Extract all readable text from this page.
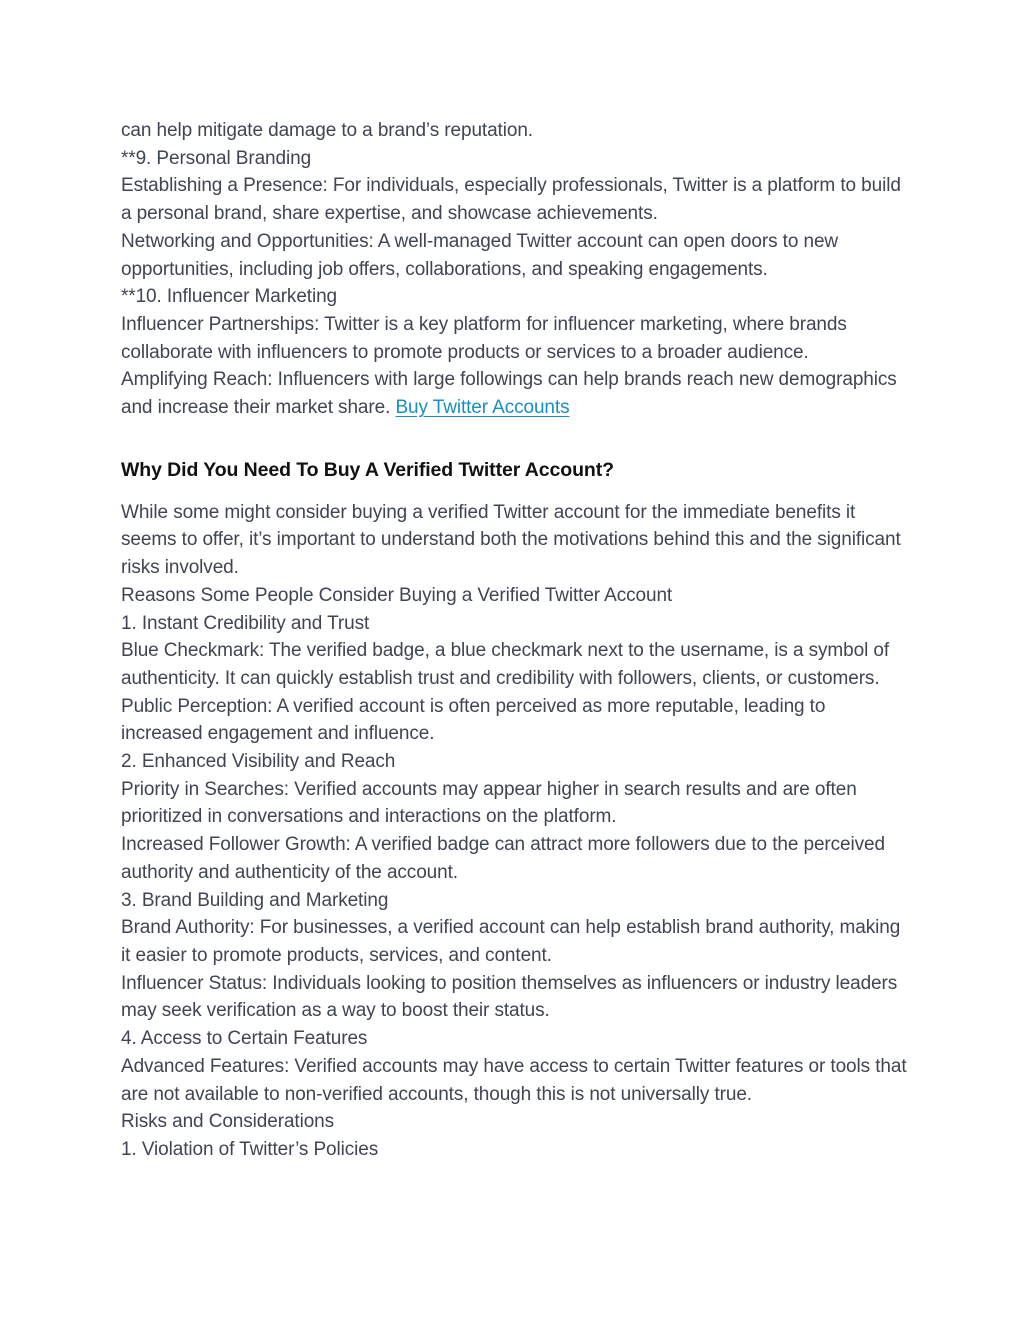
can help mitigate damage to a brand’s reputation.

**9. Personal Branding

Establishing a Presence: For individuals, especially professionals, Twitter is a platform to build a personal brand, share expertise, and showcase achievements.

Networking and Opportunities: A well-managed Twitter account can open doors to new opportunities, including job offers, collaborations, and speaking engagements.

**10. Influencer Marketing

Influencer Partnerships: Twitter is a key platform for influencer marketing, where brands collaborate with influencers to promote products or services to a broader audience.

Amplifying Reach: Influencers with large followings can help brands reach new demographics and increase their market share. Buy Twitter Accounts

Why Did You Need To Buy A Verified Twitter Account?

While some might consider buying a verified Twitter account for the immediate benefits it seems to offer, it’s important to understand both the motivations behind this and the significant risks involved.

Reasons Some People Consider Buying a Verified Twitter Account

1. Instant Credibility and Trust

Blue Checkmark: The verified badge, a blue checkmark next to the username, is a symbol of authenticity. It can quickly establish trust and credibility with followers, clients, or customers.

Public Perception: A verified account is often perceived as more reputable, leading to increased engagement and influence.

2. Enhanced Visibility and Reach

Priority in Searches: Verified accounts may appear higher in search results and are often prioritized in conversations and interactions on the platform.

Increased Follower Growth: A verified badge can attract more followers due to the perceived authority and authenticity of the account.

3. Brand Building and Marketing

Brand Authority: For businesses, a verified account can help establish brand authority, making it easier to promote products, services, and content.

Influencer Status: Individuals looking to position themselves as influencers or industry leaders may seek verification as a way to boost their status.

4. Access to Certain Features

Advanced Features: Verified accounts may have access to certain Twitter features or tools that are not available to non-verified accounts, though this is not universally true.

Risks and Considerations

1. Violation of Twitter’s Policies
